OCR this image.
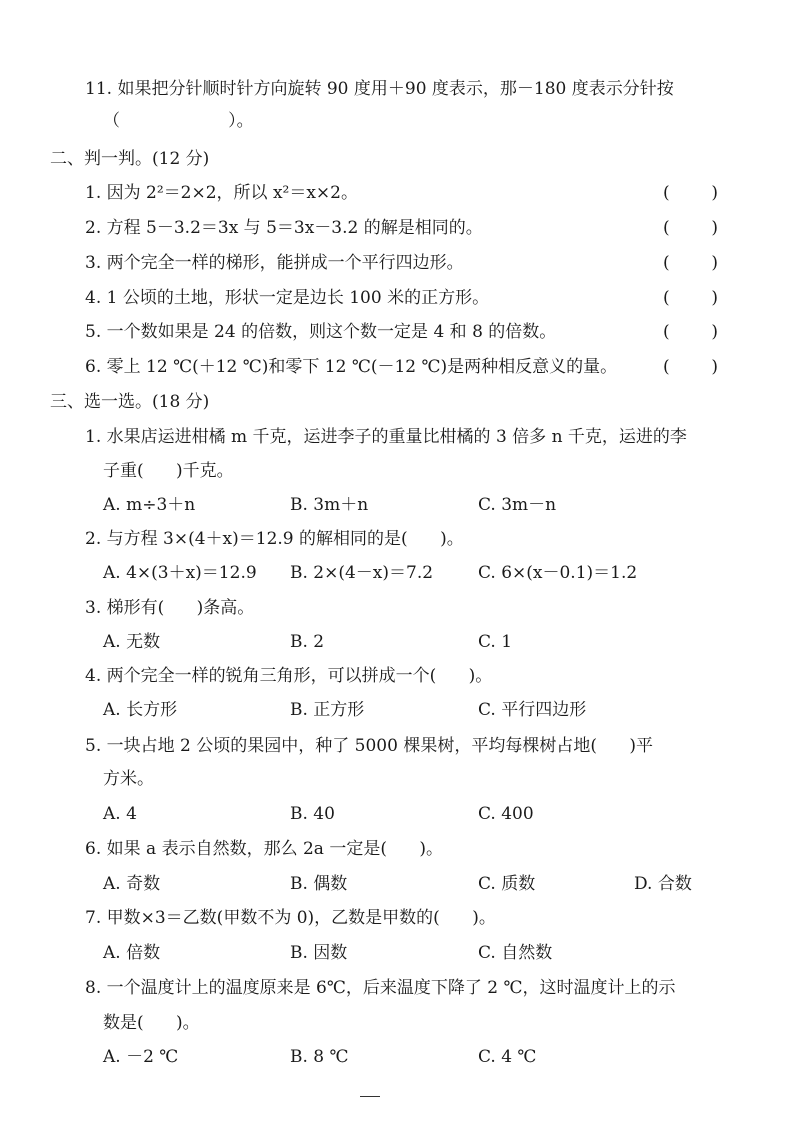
11. 如果把分针顺时针方向旋转 90 度用＋90 度表示，那－180 度表示分针按
（                    ）。
二、判一判。(12 分)
1. 因为 2²＝2×2，所以 x²＝x×2。	( )
2. 方程 5－3.2＝3x 与 5＝3x－3.2 的解是相同的。	( )
3. 两个完全一样的梯形，能拼成一个平行四边形。	( )
4. 1 公顷的土地，形状一定是边长 100 米的正方形。	( )
5. 一个数如果是 24 的倍数，则这个数一定是 4 和 8 的倍数。	( )
6. 零上 12 ℃(＋12 ℃)和零下 12 ℃(－12 ℃)是两种相反意义的量。	( )
三、选一选。(18 分)
1. 水果店运进柑橘 m 千克，运进李子的重量比柑橘的 3 倍多 n 千克，运进的李
子重(      )千克。
A. m÷3＋n	B. 3m＋n	C. 3m－n
2. 与方程 3×(4＋x)＝12.9 的解相同的是(      )。
A. 4×(3＋x)＝12.9 B. 2×(4－x)＝7.2	C. 6×(x－0.1)＝1.2
3. 梯形有(      )条高。
A. 无数	B. 2	C. 1
4. 两个完全一样的锐角三角形，可以拼成一个(      )。
A. 长方形	B. 正方形	C. 平行四边形
5. 一块占地 2 公顷的果园中，种了 5000 棵果树，平均每棵树占地(      )平
方米。
A. 4	B. 40	C. 400
6. 如果 a 表示自然数，那么 2a 一定是(      )。
A. 奇数	B. 偶数	C. 质数	D. 合数
7. 甲数×3＝乙数(甲数不为 0)，乙数是甲数的(      )。
A. 倍数	B. 因数	C. 自然数
8. 一个温度计上的温度原来是 6℃，后来温度下降了 2 ℃，这时温度计上的示
数是(      )。
A. －2 ℃	B. 8 ℃	C. 4 ℃
